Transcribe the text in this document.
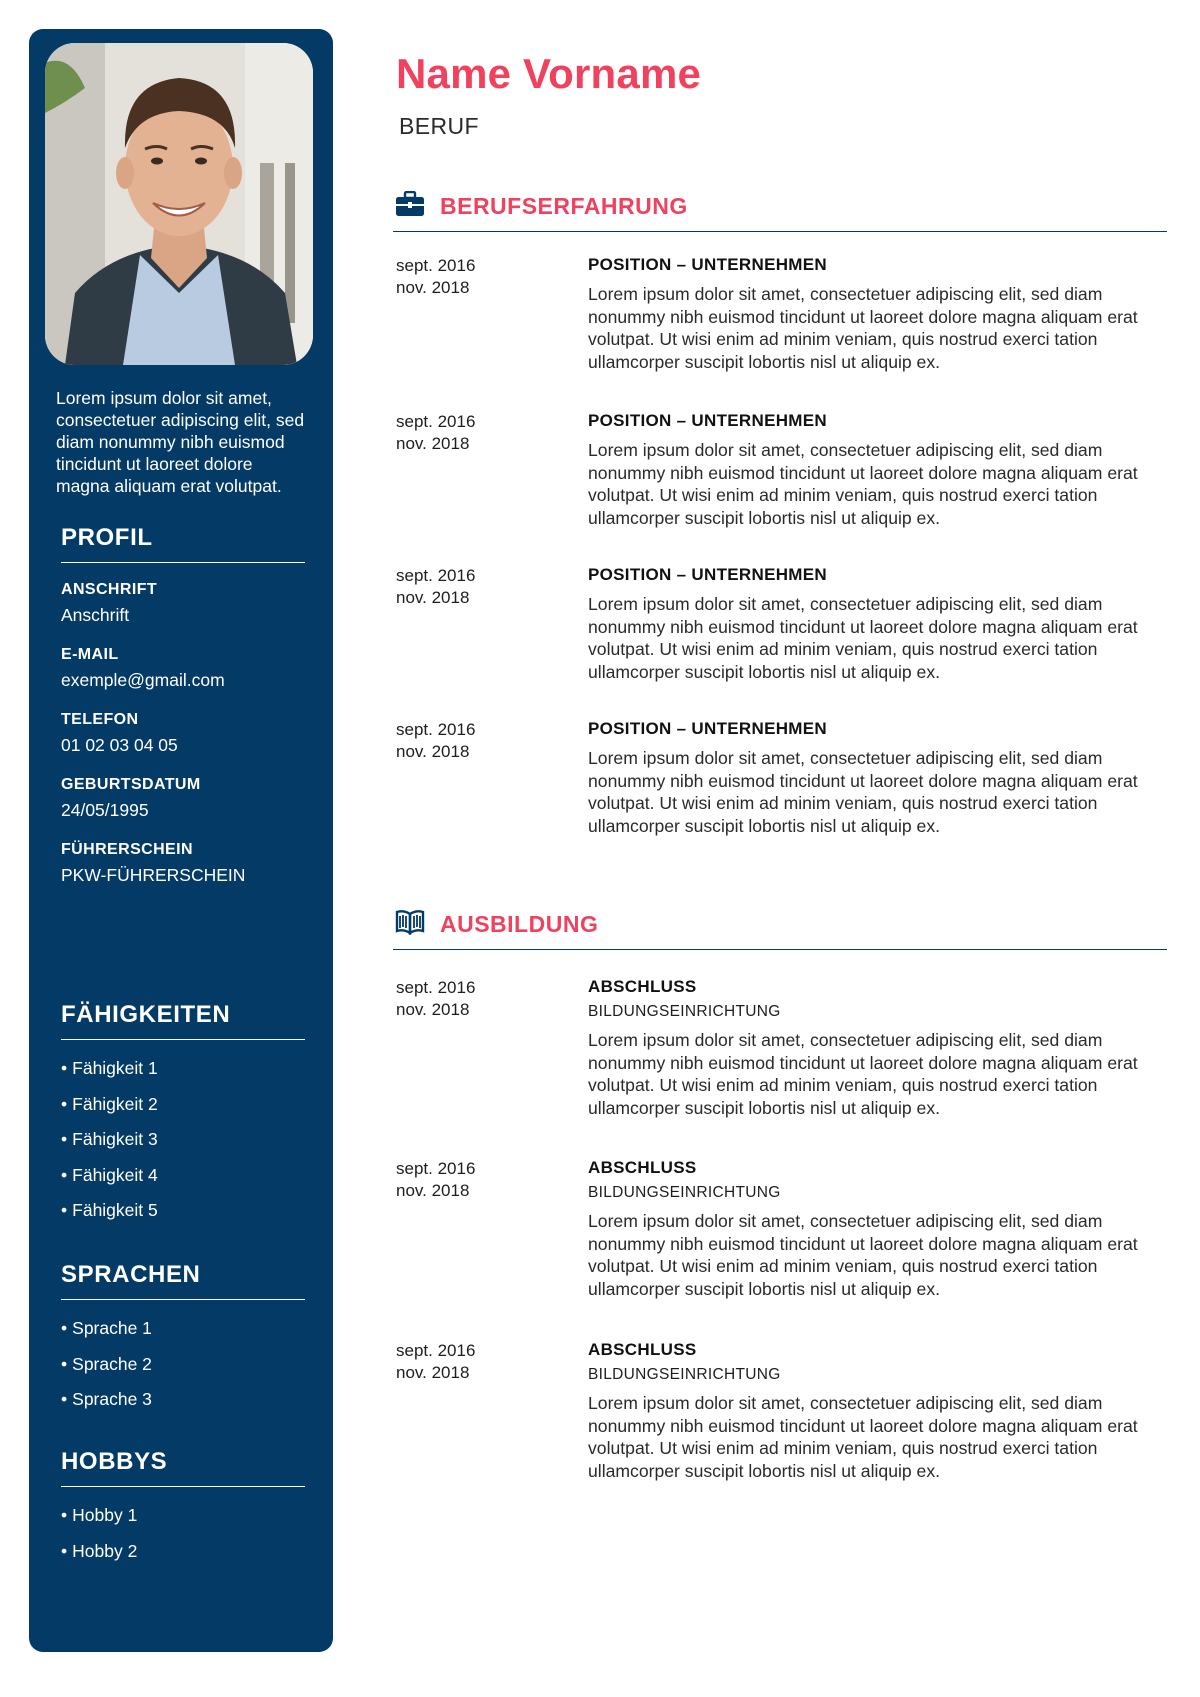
Lorem ipsum dolor sit amet, consectetuer adipiscing elit, sed diam nonummy nibh euismod tincidunt ut laoreet dolore magna aliquam erat volutpat.
PROFIL
ANSCHRIFT
Anschrift
E-MAIL
exemple@gmail.com
TELEFON
01 02 03 04 05
GEBURTSDATUM
24/05/1995
FÜHRERSCHEIN
PKW-FÜHRERSCHEIN
FÄHIGKEITEN
• Fähigkeit 1
• Fähigkeit 2
• Fähigkeit 3
• Fähigkeit 4
• Fähigkeit 5
SPRACHEN
• Sprache 1
• Sprache 2
• Sprache 3
HOBBYS
• Hobby 1
• Hobby 2
Name Vorname
BERUF
BERUFSERFAHRUNG
sept. 2016
nov. 2018
POSITION – UNTERNEHMEN
Lorem ipsum dolor sit amet, consectetuer adipiscing elit, sed diam nonummy nibh euismod tincidunt ut laoreet dolore magna aliquam erat volutpat. Ut wisi enim ad minim veniam, quis nostrud exerci tation ullamcorper suscipit lobortis nisl ut aliquip ex.
sept. 2016
nov. 2018
POSITION – UNTERNEHMEN
Lorem ipsum dolor sit amet, consectetuer adipiscing elit, sed diam nonummy nibh euismod tincidunt ut laoreet dolore magna aliquam erat volutpat. Ut wisi enim ad minim veniam, quis nostrud exerci tation ullamcorper suscipit lobortis nisl ut aliquip ex.
sept. 2016
nov. 2018
POSITION – UNTERNEHMEN
Lorem ipsum dolor sit amet, consectetuer adipiscing elit, sed diam nonummy nibh euismod tincidunt ut laoreet dolore magna aliquam erat volutpat. Ut wisi enim ad minim veniam, quis nostrud exerci tation ullamcorper suscipit lobortis nisl ut aliquip ex.
sept. 2016
nov. 2018
POSITION – UNTERNEHMEN
Lorem ipsum dolor sit amet, consectetuer adipiscing elit, sed diam nonummy nibh euismod tincidunt ut laoreet dolore magna aliquam erat volutpat. Ut wisi enim ad minim veniam, quis nostrud exerci tation ullamcorper suscipit lobortis nisl ut aliquip ex.
AUSBILDUNG
sept. 2016
nov. 2018
ABSCHLUSS
BILDUNGSEINRICHTUNG
Lorem ipsum dolor sit amet, consectetuer adipiscing elit, sed diam nonummy nibh euismod tincidunt ut laoreet dolore magna aliquam erat volutpat. Ut wisi enim ad minim veniam, quis nostrud exerci tation ullamcorper suscipit lobortis nisl ut aliquip ex.
sept. 2016
nov. 2018
ABSCHLUSS
BILDUNGSEINRICHTUNG
Lorem ipsum dolor sit amet, consectetuer adipiscing elit, sed diam nonummy nibh euismod tincidunt ut laoreet dolore magna aliquam erat volutpat. Ut wisi enim ad minim veniam, quis nostrud exerci tation ullamcorper suscipit lobortis nisl ut aliquip ex.
sept. 2016
nov. 2018
ABSCHLUSS
BILDUNGSEINRICHTUNG
Lorem ipsum dolor sit amet, consectetuer adipiscing elit, sed diam nonummy nibh euismod tincidunt ut laoreet dolore magna aliquam erat volutpat. Ut wisi enim ad minim veniam, quis nostrud exerci tation ullamcorper suscipit lobortis nisl ut aliquip ex.
